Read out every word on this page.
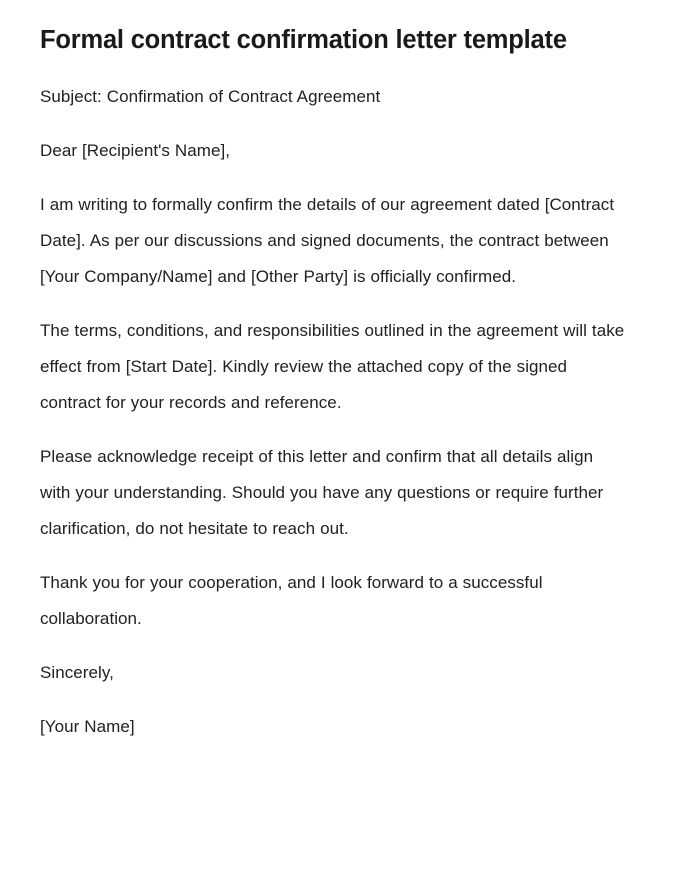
Formal contract confirmation letter template

Subject: Confirmation of Contract Agreement

Dear [Recipient's Name],

I am writing to formally confirm the details of our agreement dated [Contract Date]. As per our discussions and signed documents, the contract between [Your Company/Name] and [Other Party] is officially confirmed.

The terms, conditions, and responsibilities outlined in the agreement will take effect from [Start Date]. Kindly review the attached copy of the signed contract for your records and reference.

Please acknowledge receipt of this letter and confirm that all details align with your understanding. Should you have any questions or require further clarification, do not hesitate to reach out.

Thank you for your cooperation, and I look forward to a successful collaboration.

Sincerely,

[Your Name]
